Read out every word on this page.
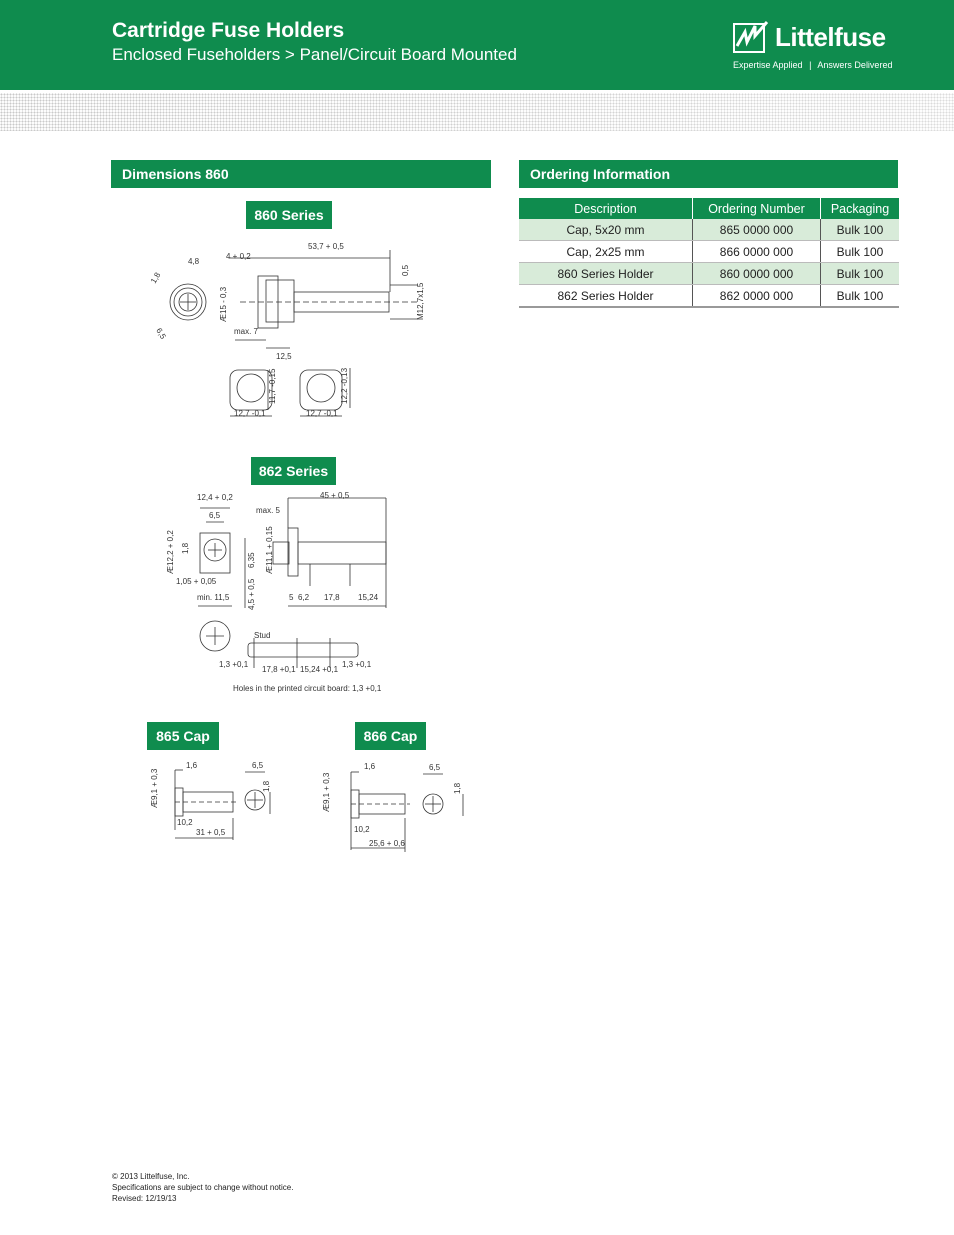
Cartridge Fuse Holders
Enclosed Fuseholders > Panel/Circuit Board Mounted
Littelfuse
Expertise Applied | Answers Delivered
Dimensions 860	Ordering Information
860 Series
862 Series
865 Cap	866 Cap
4,8
1,8
6,5
4 + 0,2
53,7 + 0,5
0,5
M12,7x1,5
Æ15 - 0,3
max. 7
12,5
12,7 -0,1
11,7 -0,15
12,7 -0,1
12,2 -0,13
12,4 + 0,2
6,5
1,8
Æ12,2 + 0,2	6,35
1,05 + 0,05
min. 11,5 4,5 + 0,5
45 + 0,5
max. 5
Æ11,1 + 0,15
5 6,2 17,8 15,24
Stud
1,3 +0,1
17,8 +0,1 15,24 +0,1
1,3 +0,1
Holes in the printed circuit board: 1,3 +0,1
1,6	6,5
1,8
Æ9,1 + 0,3
10,2
31 + 0,5
1,6	6,5
1,8
Æ9,1 + 0,3
10,2
25,6 + 0,6
Description	Ordering Number	Packaging
Cap, 5x20 mm	865 0000 000	Bulk 100
Cap, 2x25 mm	866 0000 000	Bulk 100
860 Series Holder	860 0000 000	Bulk 100
862 Series Holder	862 0000 000	Bulk 100
© 2013 Littelfuse, Inc.
Specifications are subject to change without notice.
Revised: 12/19/13
